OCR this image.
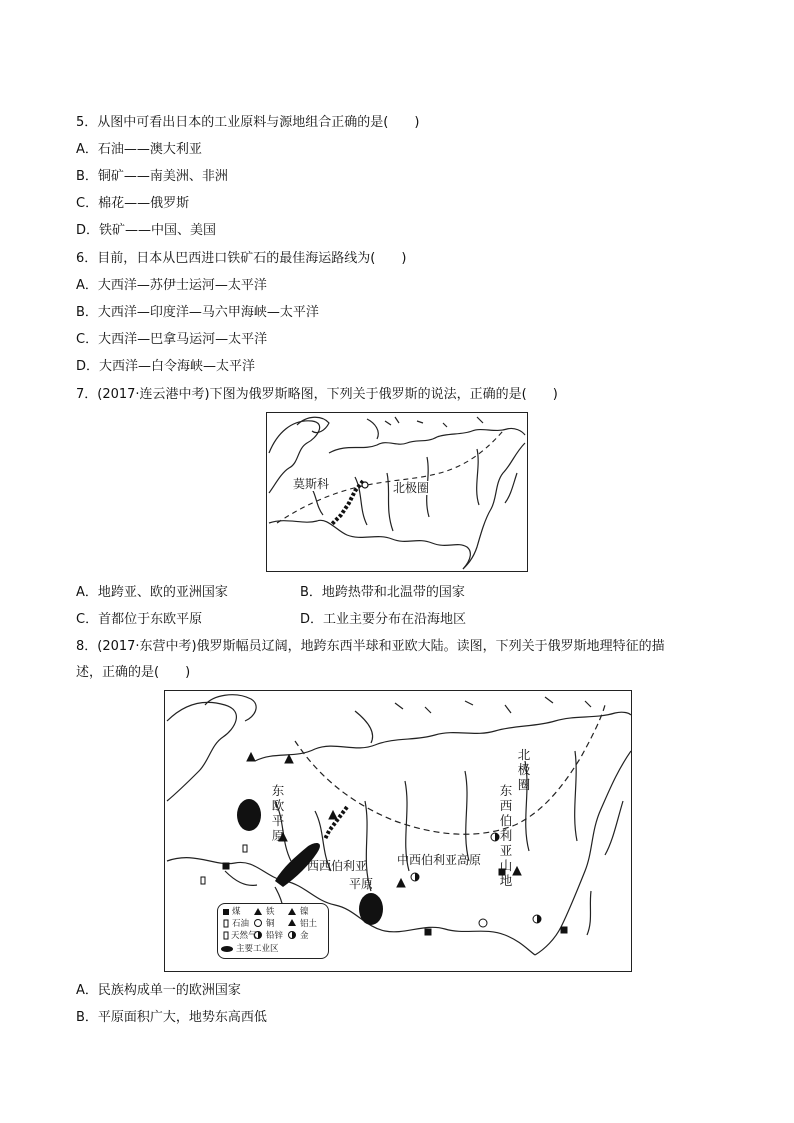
5．从图中可看出日本的工业原料与源地组合正确的是(　　)
A．石油——澳大利亚
B．铜矿——南美洲、非洲
C．棉花——俄罗斯
D．铁矿——中国、美国
6．目前，日本从巴西进口铁矿石的最佳海运路线为(　　)
A．大西洋—苏伊士运河—太平洋
B．大西洋—印度洋—马六甲海峡—太平洋
C．大西洋—巴拿马运河—太平洋
D．大西洋—白令海峡—太平洋
7．(2017·连云港中考)下图为俄罗斯略图，下列关于俄罗斯的说法，正确的是(　　)
莫斯科	北极圈
A．地跨亚、欧的亚洲国家	B．地跨热带和北温带的国家
C．首都位于东欧平原	D．工业主要分布在沿海地区
8．(2017·东营中考)俄罗斯幅员辽阔，地跨东西半球和亚欧大陆。读图，下列关于俄罗斯地理特征的描
述，正确的是(　　)
东欧平原
西西伯利亚
平原
中西伯利亚高原
东西伯利亚山地
北极圈
煤	铁	镍
石油 铜	铝土
天然气 铅锌 金
主要工业区
A．民族构成单一的欧洲国家
B．平原面积广大，地势东高西低
